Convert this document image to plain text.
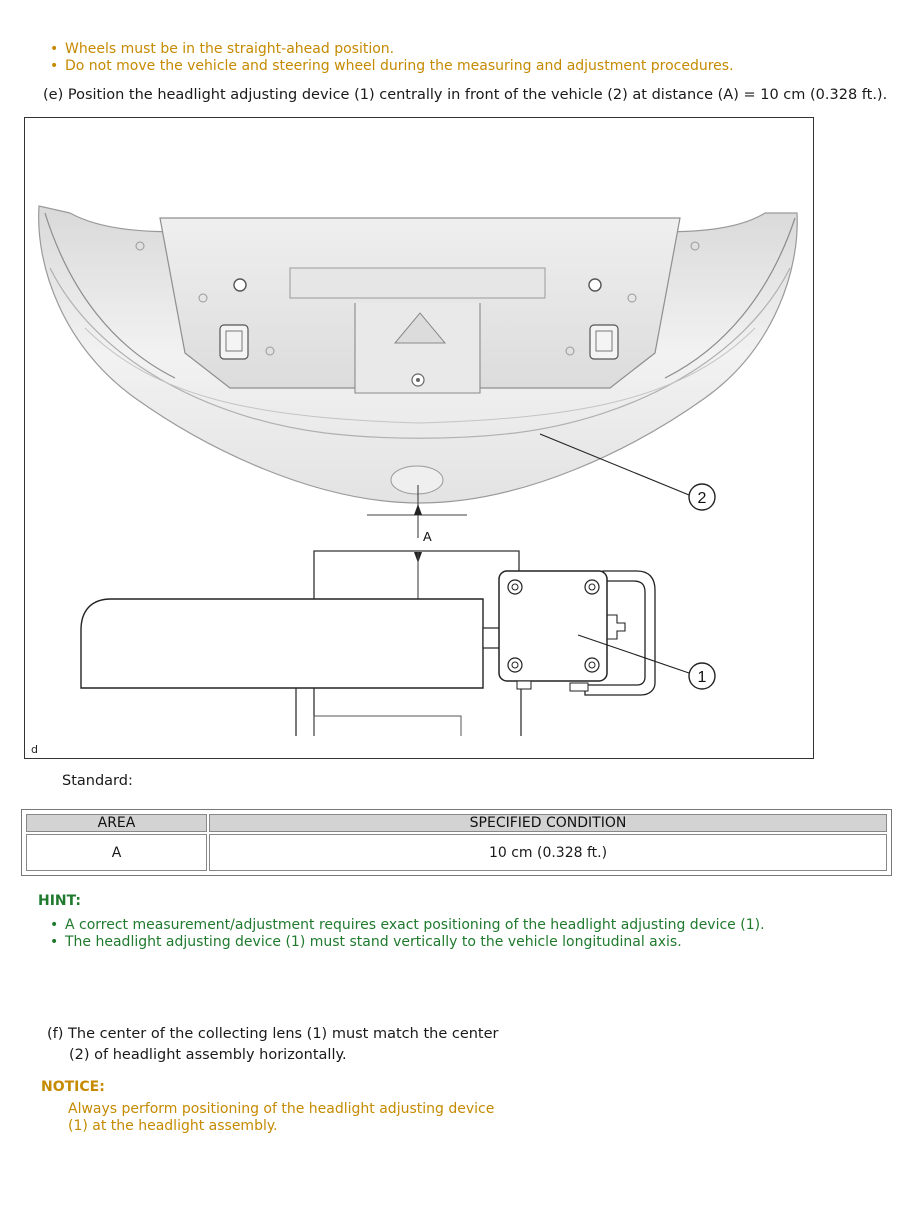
• Wheels must be in the straight-ahead position.
• Do not move the vehicle and steering wheel during the measuring and adjustment procedures.
(e) Position the headlight adjusting device (1) centrally in front of the vehicle (2) at distance (A) = 10 cm (0.328 ft.).
2
1
A
d
Standard:
AREA	SPECIFIED CONDITION
A	10 cm (0.328 ft.)
HINT:
• A correct measurement/adjustment requires exact positioning of the headlight adjusting device (1).
• The headlight adjusting device (1) must stand vertically to the vehicle longitudinal axis.
(f) The center of the collecting lens (1) must match the center
(2) of headlight assembly horizontally.
NOTICE:
Always perform positioning of the headlight adjusting device
(1) at the headlight assembly.
